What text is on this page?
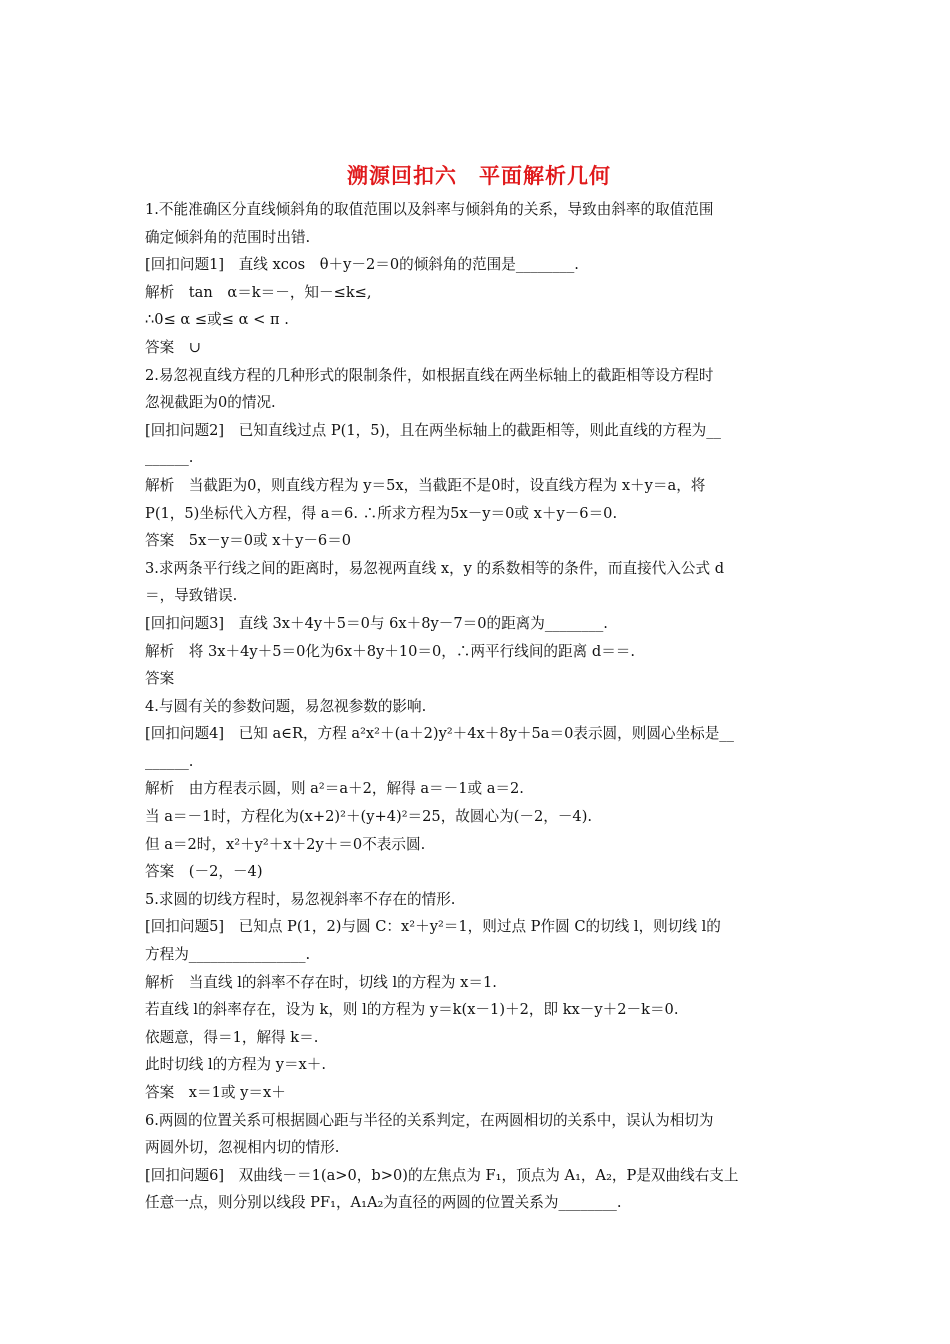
溯源回扣六　平面解析几何
1.不能准确区分直线倾斜角的取值范围以及斜率与倾斜角的关系，导致由斜率的取值范围
确定倾斜角的范围时出错.
[回扣问题1]　直线 xcos　θ＋y－2＝0的倾斜角的范围是________.
解析　tan　α＝k＝－，知－≤k≤,
∴0≤ α ≤或≤ α < π .
答案　∪
2.易忽视直线方程的几种形式的限制条件，如根据直线在两坐标轴上的截距相等设方程时
忽视截距为0的情况.
[回扣问题2]　已知直线过点 P(1，5)，且在两坐标轴上的截距相等，则此直线的方程为__
______.
解析　当截距为0，则直线方程为 y＝5x，当截距不是0时，设直线方程为 x＋y＝a，将
P(1，5)坐标代入方程，得 a＝6. ∴所求方程为5x－y＝0或 x＋y－6＝0.
答案　5x－y＝0或 x＋y－6＝0
3.求两条平行线之间的距离时，易忽视两直线 x，y 的系数相等的条件，而直接代入公式 d
＝，导致错误.
[回扣问题3]　直线 3x＋4y＋5＝0与 6x＋8y－7＝0的距离为________.
解析　将 3x＋4y＋5＝0化为6x＋8y＋10＝0，∴两平行线间的距离 d＝＝.
答案
4.与圆有关的参数问题，易忽视参数的影响.
[回扣问题4]　已知 a∈R，方程 a²x²＋(a＋2)y²＋4x＋8y＋5a＝0表示圆，则圆心坐标是__
______.
解析　由方程表示圆，则 a²＝a＋2，解得 a＝－1或 a＝2.
当 a＝－1时，方程化为(x+2)²＋(y+4)²＝25，故圆心为(－2，－4).
但 a＝2时，x²＋y²＋x＋2y＋＝0不表示圆.
答案　(－2，－4)
5.求圆的切线方程时，易忽视斜率不存在的情形.
[回扣问题5]　已知点 P(1，2)与圆 C：x²＋y²＝1，则过点 P作圆 C的切线 l，则切线 l的
方程为________________.
解析　当直线 l的斜率不存在时，切线 l的方程为 x＝1.
若直线 l的斜率存在，设为 k，则 l的方程为 y＝k(x－1)＋2，即 kx－y＋2－k＝0.
依题意，得＝1，解得 k＝.
此时切线 l的方程为 y＝x＋.
答案　x＝1或 y＝x＋
6.两圆的位置关系可根据圆心距与半径的关系判定，在两圆相切的关系中，误认为相切为
两圆外切，忽视相内切的情形.
[回扣问题6]　双曲线－＝1(a>0，b>0)的左焦点为 F₁，顶点为 A₁，A₂，P是双曲线右支上
任意一点，则分别以线段 PF₁，A₁A₂为直径的两圆的位置关系为________.
